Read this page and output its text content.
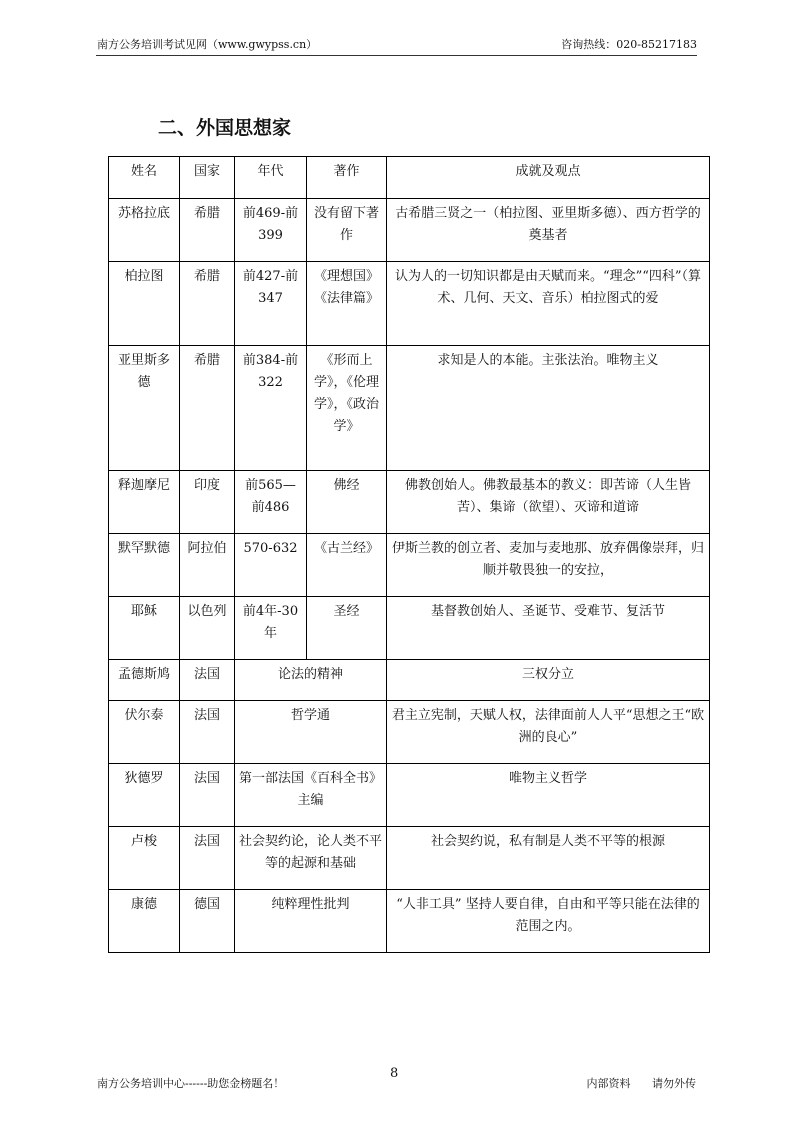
南方公务培训考试见网（www.gwypss.cn）	咨询热线：020-85217183
二、外国思想家
姓名	国家	年代	著作	成就及观点
苏格拉底	希腊	前469-前399	没有留下著作	古希腊三贤之一（柏拉图、亚里斯多德）、西方哲学的奠基者
柏拉图	希腊	前427-前347	《理想国》《法律篇》	认为人的一切知识都是由天赋而来。“理念”“四科”（算术、几何、天文、音乐）柏拉图式的爱
亚里斯多德	希腊	前384-前322	《形而上学》，《伦理学》，《政治学》	求知是人的本能。主张法治。唯物主义
释迦摩尼	印度	前565—前486	佛经	佛教创始人。佛教最基本的教义：即苦谛（人生皆苦）、集谛（欲望）、灭谛和道谛
默罕默德	阿拉伯	570-632	《古兰经》	伊斯兰教的创立者、麦加与麦地那、放弃偶像崇拜，归顺并敬畏独一的安拉，
耶稣	以色列	前4年-30年	圣经	基督教创始人、圣诞节、受难节、复活节
孟德斯鸠	法国	论法的精神		三权分立
伏尔泰	法国	哲学通		君主立宪制，天赋人权，法律面前人人平“思想之王“欧洲的良心”
狄德罗	法国	第一部法国《百科全书》主编		唯物主义哲学
卢梭	法国	社会契约论，论人类不平等的起源和基础		社会契约说，私有制是人类不平等的根源
康德	德国	纯粹理性批判		“人非工具” 坚持人要自律，自由和平等只能在法律的范围之内。
南方公务培训中心------助您金榜题名！
8
内部资料 请勿外传
